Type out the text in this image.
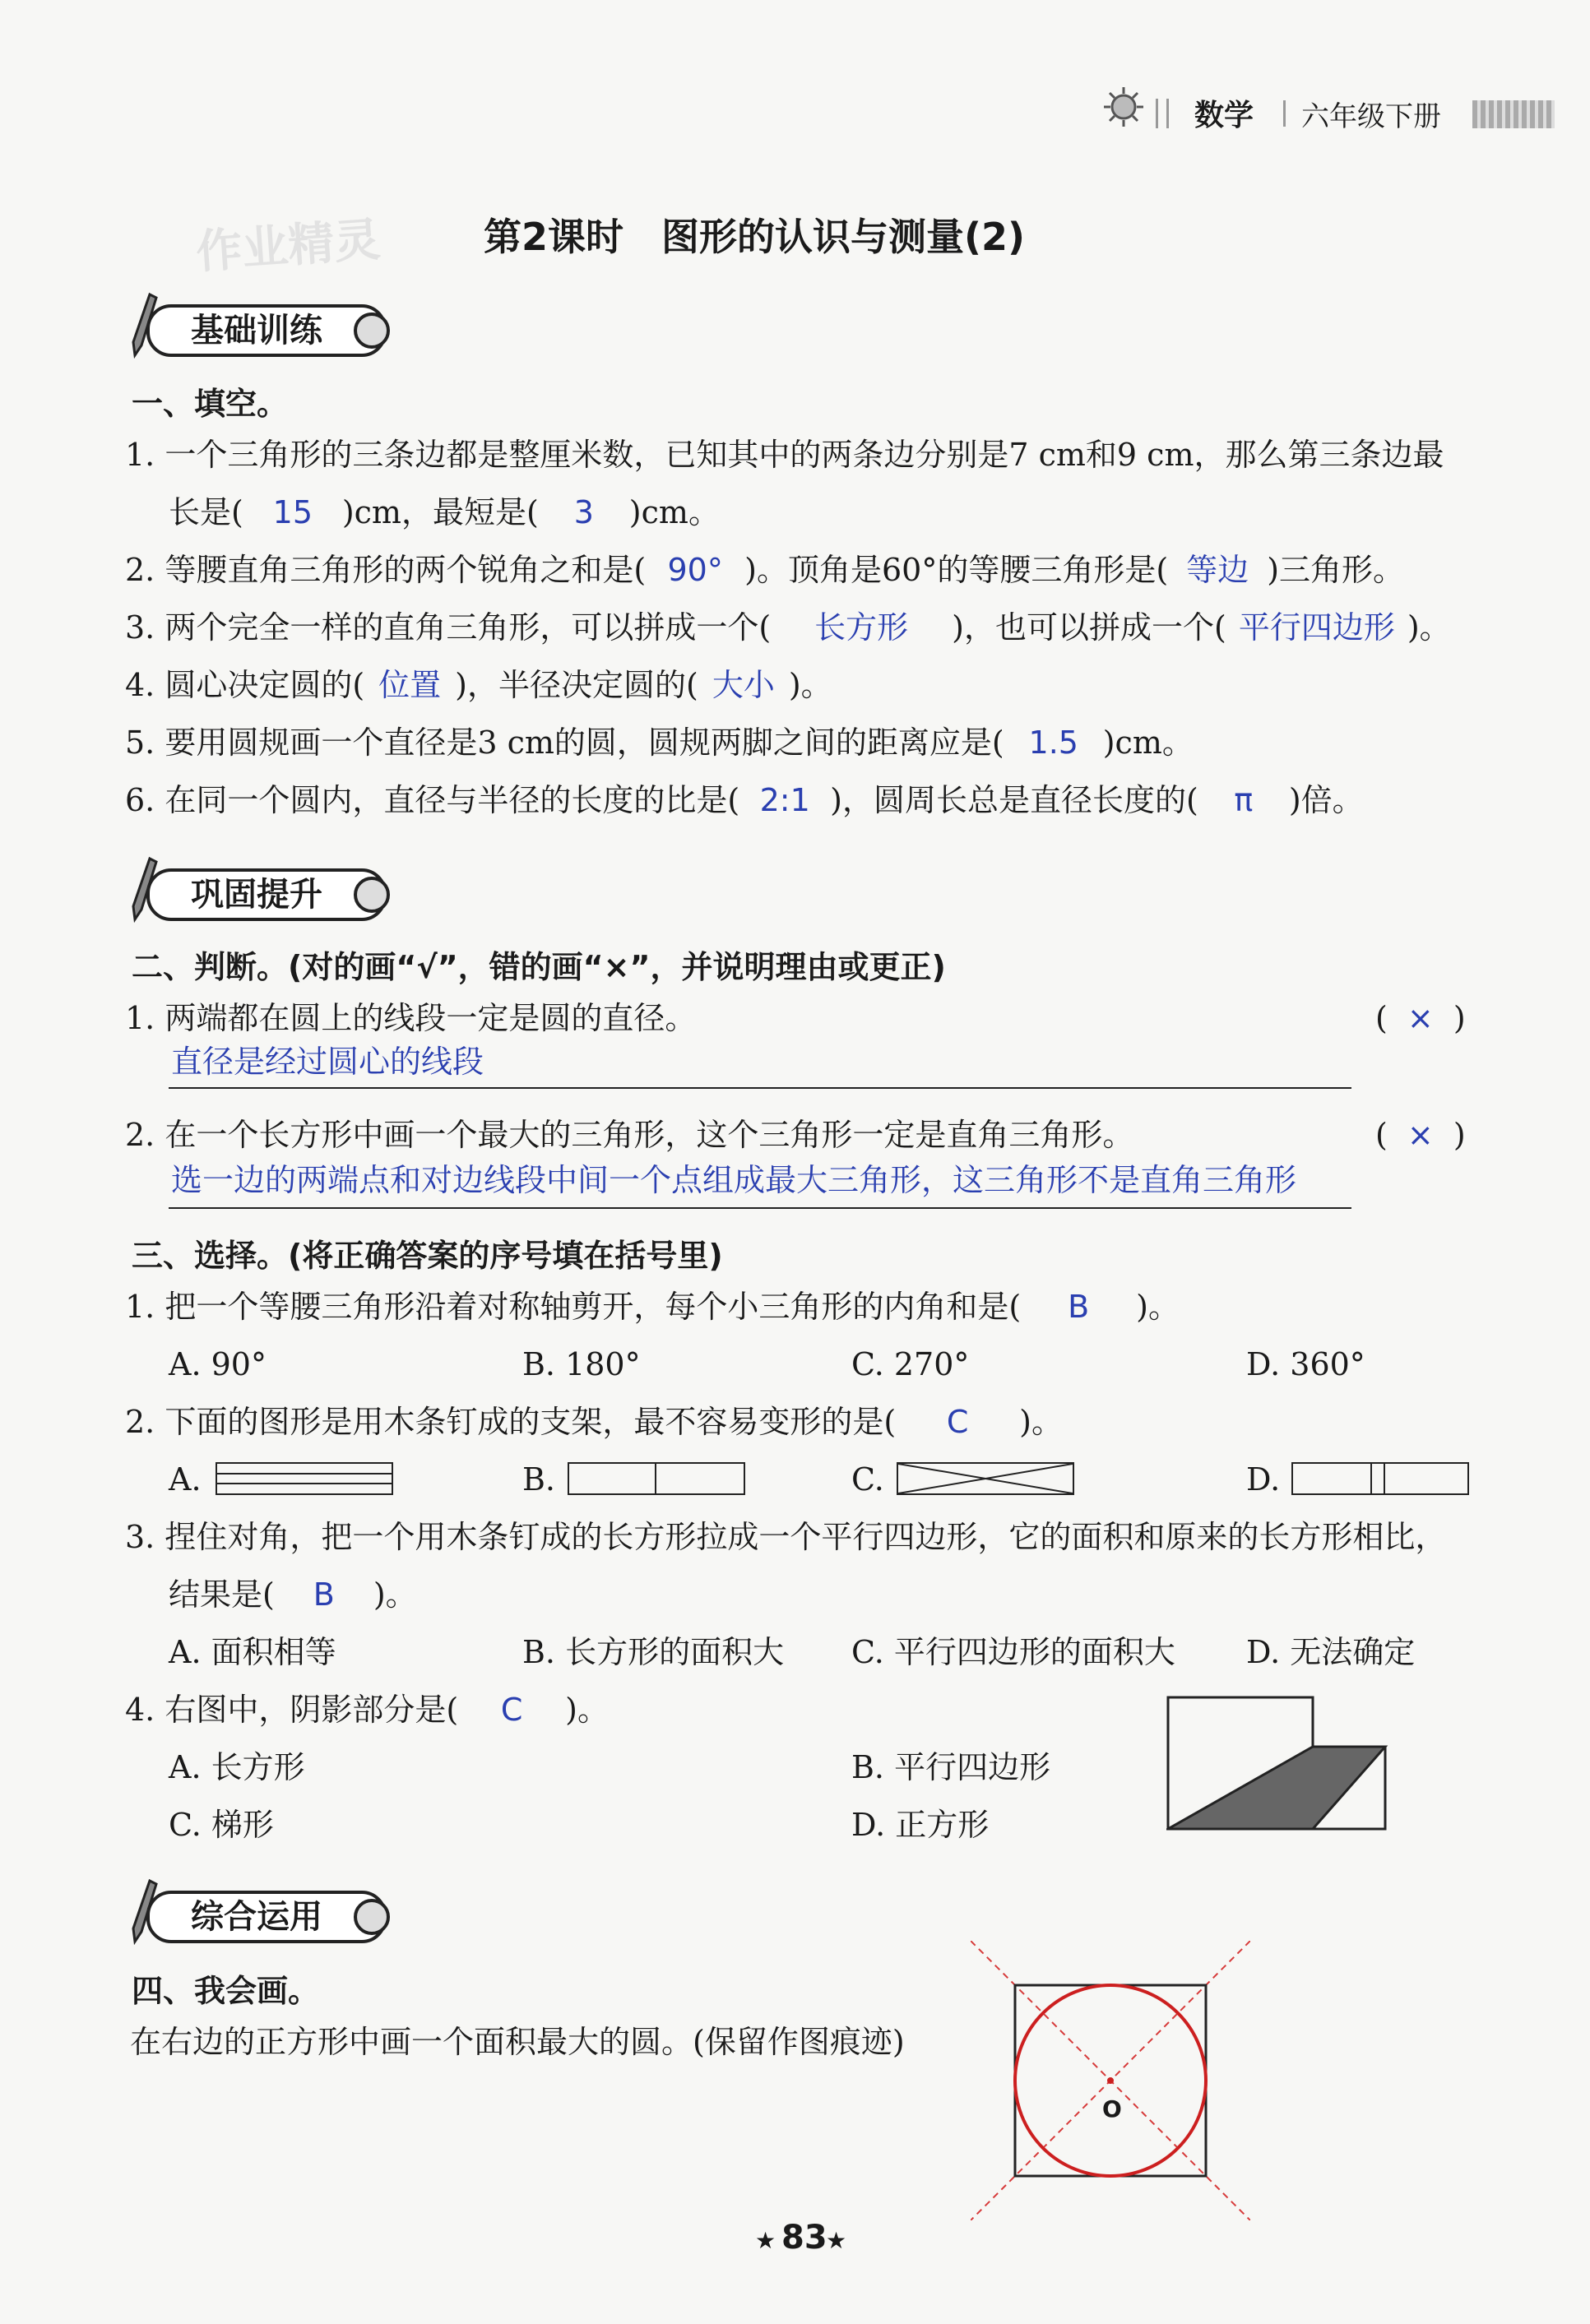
数学 六年级下册
作业精灵	第2课时　图形的认识与测量(2)
基础训练
一、填空。
1. 一个三角形的三条边都是整厘米数，已知其中的两条边分别是7 cm和9 cm，那么第三条边最
长是( 15 )cm，最短是( 3 )cm。
2. 等腰直角三角形的两个锐角之和是( 90° )。顶角是60°的等腰三角形是( 等边 )三角形。
3. 两个完全一样的直角三角形，可以拼成一个( 长方形 )，也可以拼成一个( 平行四边形 )。
4. 圆心决定圆的( 位置 )，半径决定圆的( 大小 )。
5. 要用圆规画一个直径是3 cm的圆，圆规两脚之间的距离应是( 1.5 )cm。
6. 在同一个圆内，直径与半径的长度的比是( 2:1 )，圆周长总是直径长度的( π )倍。
巩固提升
二、判断。(对的画“√”，错的画“×”，并说明理由或更正)
1. 两端都在圆上的线段一定是圆的直径。	( × )
直径是经过圆心的线段
2. 在一个长方形中画一个最大的三角形，这个三角形一定是直角三角形。	( × )
选一边的两端点和对边线段中间一个点组成最大三角形，这三角形不是直角三角形
三、选择。(将正确答案的序号填在括号里)
1. 把一个等腰三角形沿着对称轴剪开，每个小三角形的内角和是( B )。
A. 90°	B. 180°	C. 270°	D. 360°
2. 下面的图形是用木条钉成的支架，最不容易变形的是( C )。
A.	B.	C.	D.
3. 捏住对角，把一个用木条钉成的长方形拉成一个平行四边形，它的面积和原来的长方形相比，
结果是( B )。
A. 面积相等	B. 长方形的面积大 C. 平行四边形的面积大 D. 无法确定
4. 右图中，阴影部分是( C )。
A. 长方形	B. 平行四边形
C. 梯形	D. 正方形
综合运用
四、我会画。
在右边的正方形中画一个面积最大的圆。(保留作图痕迹)
O
★ 83
★
